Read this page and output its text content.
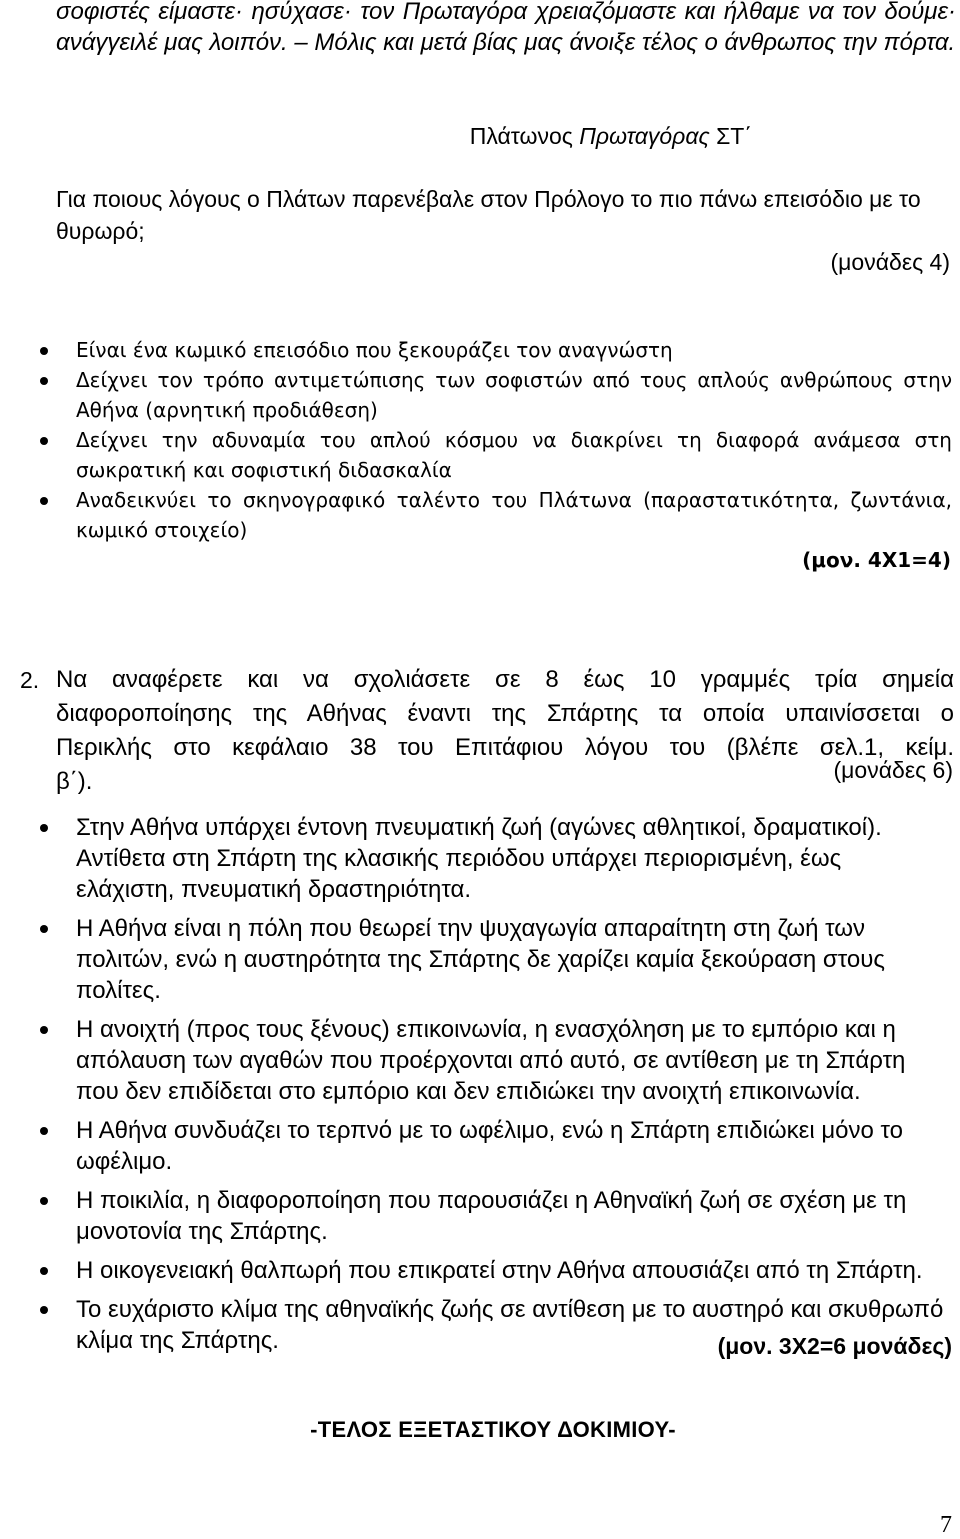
σοφιστές είμαστε· ησύχασε· τον Πρωταγόρα χρειαζόμαστε και ήλθαμε να τον δούμε· ανάγγειλέ μας λοιπόν. – Μόλις και μετά βίας μας άνοιξε τέλος ο άνθρωπος την πόρτα.
Πλάτωνος Πρωταγόρας ΣΤ΄
Για ποιους λόγους ο Πλάτων παρενέβαλε στον Πρόλογο το πιο πάνω επεισόδιο με το θυρωρό;
(μονάδες 4)
Είναι ένα κωμικό επεισόδιο που ξεκουράζει τον αναγνώστη
Δείχνει τον τρόπο αντιμετώπισης των σοφιστών από τους απλούς ανθρώπους στην Αθήνα (αρνητική προδιάθεση)
Δείχνει την αδυναμία του απλού κόσμου να διακρίνει τη διαφορά ανάμεσα στη σωκρατική και σοφιστική διδασκαλία
Αναδεικνύει το σκηνογραφικό ταλέντο του Πλάτωνα (παραστατικότητα, ζωντάνια, κωμικό στοιχείο)
(μον. 4Χ1=4)
2. Να αναφέρετε και να σχολιάσετε σε 8 έως 10 γραμμές τρία σημεία διαφοροποίησης της Αθήνας έναντι της Σπάρτης τα οποία υπαινίσσεται ο Περικλής στο κεφάλαιο 38 του Επιτάφιου λόγου του (βλέπε σελ.1, κείμ. β΄).	(μονάδες 6)
Στην Αθήνα υπάρχει έντονη πνευματική ζωή (αγώνες αθλητικοί, δραματικοί). Αντίθετα στη Σπάρτη της κλασικής περιόδου υπάρχει περιορισμένη, έως ελάχιστη, πνευματική δραστηριότητα.
Η Αθήνα είναι η πόλη που θεωρεί την ψυχαγωγία απαραίτητη στη ζωή των πολιτών, ενώ η αυστηρότητα της Σπάρτης δε χαρίζει καμία ξεκούραση στους πολίτες.
Η ανοιχτή (προς τους ξένους) επικοινωνία, η ενασχόληση με το εμπόριο και η απόλαυση των αγαθών που προέρχονται από αυτό, σε αντίθεση με τη Σπάρτη που δεν επιδίδεται στο εμπόριο και δεν επιδιώκει την ανοιχτή επικοινωνία.
Η Αθήνα συνδυάζει το τερπνό με το ωφέλιμο, ενώ η Σπάρτη επιδιώκει μόνο το ωφέλιμο.
Η ποικιλία, η διαφοροποίηση που παρουσιάζει η Αθηναϊκή ζωή σε σχέση με τη μονοτονία της Σπάρτης.
Η οικογενειακή θαλπωρή που επικρατεί στην Αθήνα απουσιάζει από τη Σπάρτη.
Το ευχάριστο κλίμα της αθηναϊκής ζωής σε αντίθεση με το αυστηρό και σκυθρωπό κλίμα της Σπάρτης.	(μον. 3Χ2=6 μονάδες)
-ΤΕΛΟΣ ΕΞΕΤΑΣΤΙΚΟΥ ΔΟΚΙΜΙΟΥ-
7
